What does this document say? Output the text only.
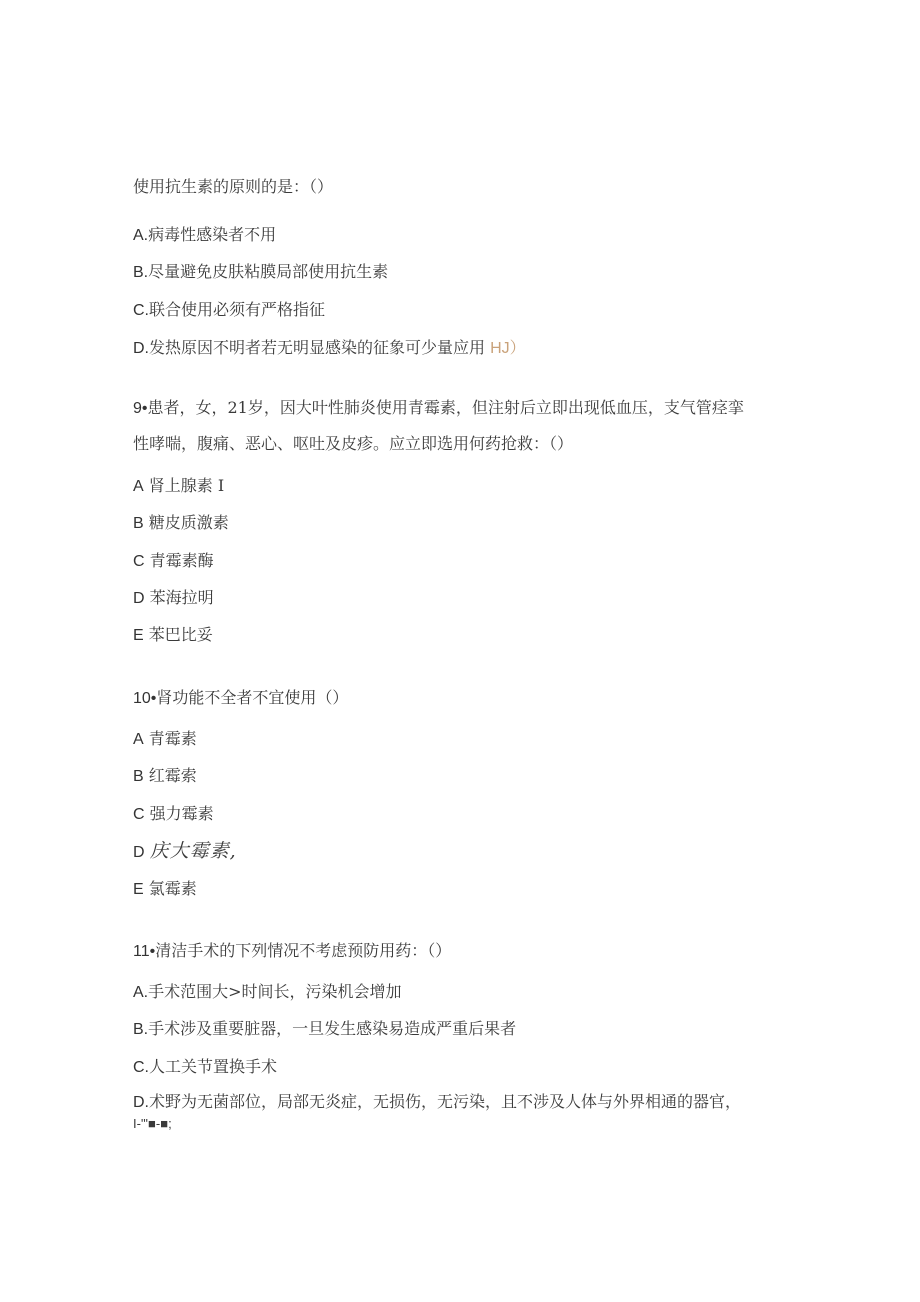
使用抗生素的原则的是：（）
A.病毒性感染者不用
B.尽量避免皮肤粘膜局部使用抗生素
C.联合使用必须有严格指征
D.发热原因不明者若无明显感染的征象可少量应用 HJ）
9•患者，女，21岁，因大叶性肺炎使用青霉素，但注射后立即出现低血压，支气管痉挛
性哮喘，腹痛、恶心、呕吐及皮疹。应立即选用何药抢救：（）
A 肾上腺素 I
B 糖皮质激素
C 青霉素酶
D 苯海拉明
E 苯巴比妥
10•肾功能不全者不宜使用（）
A 青霉素
B 红霉索
C 强力霉素
D 庆大霉素,
E 氯霉素
11•清洁手术的下列情况不考虑预防用药：（）
A.手术范围大>时间长，污染机会增加
B.手术涉及重要脏器，一旦发生感染易造成严重后果者
C.人工关节置换手术
D.术野为无菌部位，局部无炎症，无损伤，无污染，且不涉及人体与外界相通的器官，
I-"'■-■;
